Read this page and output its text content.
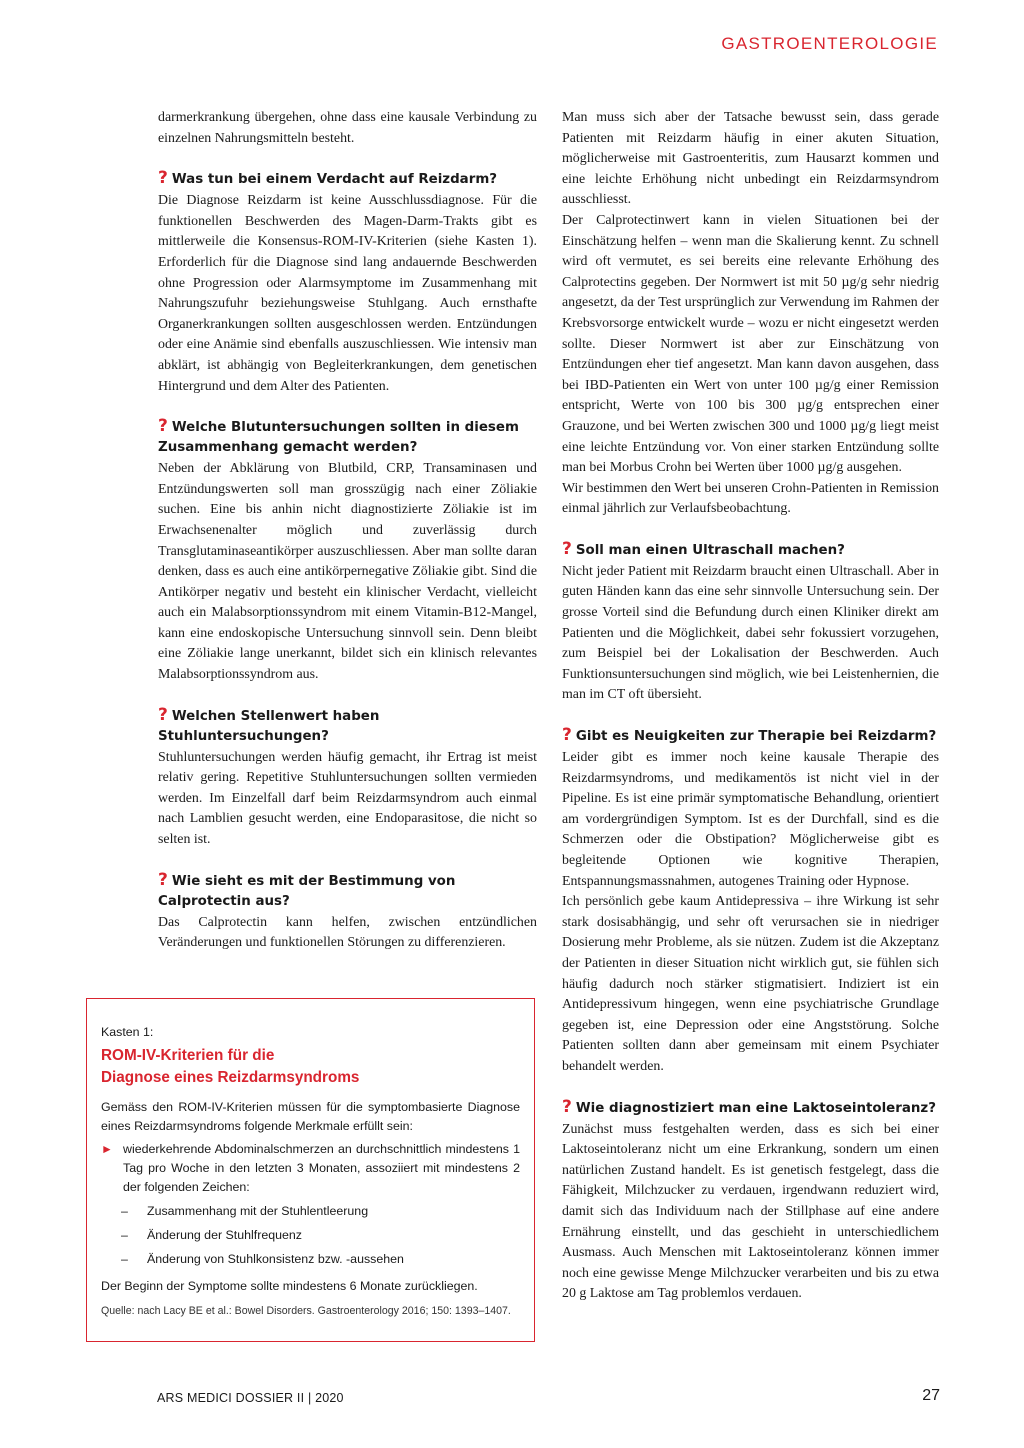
GASTROENTEROLOGIE

darmerkrankung übergehen, ohne dass eine kausale Verbindung zu einzelnen Nahrungsmitteln besteht.

? Was tun bei einem Verdacht auf Reizdarm?

Die Diagnose Reizdarm ist keine Ausschlussdiagnose. Für die funktionellen Beschwerden des Magen-Darm-Trakts gibt es mittlerweile die Konsensus-ROM-IV-Kriterien (siehe Kasten 1). Erforderlich für die Diagnose sind lang andauernde Beschwerden ohne Progression oder Alarmsymptome im Zusammenhang mit Nahrungszufuhr beziehungsweise Stuhlgang. Auch ernsthafte Organerkrankungen sollten ausgeschlossen werden. Entzündungen oder eine Anämie sind ebenfalls auszuschliessen. Wie intensiv man abklärt, ist abhängig von Begleiterkrankungen, dem genetischen Hintergrund und dem Alter des Patienten.

? Welche Blutuntersuchungen sollten in diesem Zusammenhang gemacht werden?

Neben der Abklärung von Blutbild, CRP, Transaminasen und Entzündungswerten soll man grosszügig nach einer Zöliakie suchen. Eine bis anhin nicht diagnostizierte Zöliakie ist im Erwachsenenalter möglich und zuverlässig durch Transglutaminaseantikörper auszuschliessen. Aber man sollte daran denken, dass es auch eine antikörpernegative Zöliakie gibt. Sind die Antikörper negativ und besteht ein klinischer Verdacht, vielleicht auch ein Malabsorptionssyndrom mit einem Vitamin-B12-Mangel, kann eine endoskopische Untersuchung sinnvoll sein. Denn bleibt eine Zöliakie lange unerkannt, bildet sich ein klinisch relevantes Malabsorptionssyndrom aus.

? Welchen Stellenwert haben Stuhluntersuchungen?

Stuhluntersuchungen werden häufig gemacht, ihr Ertrag ist meist relativ gering. Repetitive Stuhluntersuchungen sollten vermieden werden. Im Einzelfall darf beim Reizdarmsyndrom auch einmal nach Lamblien gesucht werden, eine Endoparasitose, die nicht so selten ist.

? Wie sieht es mit der Bestimmung von Calprotectin aus?

Das Calprotectin kann helfen, zwischen entzündlichen Veränderungen und funktionellen Störungen zu differenzieren.

Kasten 1:
ROM-IV-Kriterien für die
Diagnose eines Reizdarmsyndroms
Gemäss den ROM-IV-Kriterien müssen für die symptombasierte Diagnose eines Reizdarmsyndroms folgende Merkmale erfüllt sein:
► wiederkehrende Abdominalschmerzen an durchschnittlich mindestens 1 Tag pro Woche in den letzten 3 Monaten, assoziiert mit mindestens 2 der folgenden Zeichen:
–	Zusammenhang mit der Stuhlentleerung
–	Änderung der Stuhlfrequenz
–	Änderung von Stuhlkonsistenz bzw. -aussehen
Der Beginn der Symptome sollte mindestens 6 Monate zurückliegen.
Quelle: nach Lacy BE et al.: Bowel Disorders. Gastroenterology 2016; 150: 1393–1407.

Man muss sich aber der Tatsache bewusst sein, dass gerade Patienten mit Reizdarm häufig in einer akuten Situation, möglicherweise mit Gastroenteritis, zum Hausarzt kommen und eine leichte Erhöhung nicht unbedingt ein Reizdarmsyndrom ausschliesst.

Der Calprotectinwert kann in vielen Situationen bei der Einschätzung helfen – wenn man die Skalierung kennt. Zu schnell wird oft vermutet, es sei bereits eine relevante Erhöhung des Calprotectins gegeben. Der Normwert ist mit 50 µg/g sehr niedrig angesetzt, da der Test ursprünglich zur Verwendung im Rahmen der Krebsvorsorge entwickelt wurde – wozu er nicht eingesetzt werden sollte. Dieser Normwert ist aber zur Einschätzung von Entzündungen eher tief angesetzt. Man kann davon ausgehen, dass bei IBD-Patienten ein Wert von unter 100 µg/g einer Remission entspricht, Werte von 100 bis 300 µg/g entsprechen einer Grauzone, und bei Werten zwischen 300 und 1000 µg/g liegt meist eine leichte Entzündung vor. Von einer starken Entzündung sollte man bei Morbus Crohn bei Werten über 1000 µg/g ausgehen.

Wir bestimmen den Wert bei unseren Crohn-Patienten in Remission einmal jährlich zur Verlaufsbeobachtung.

? Soll man einen Ultraschall machen?

Nicht jeder Patient mit Reizdarm braucht einen Ultraschall. Aber in guten Händen kann das eine sehr sinnvolle Untersuchung sein. Der grosse Vorteil sind die Befundung durch einen Kliniker direkt am Patienten und die Möglichkeit, dabei sehr fokussiert vorzugehen, zum Beispiel bei der Lokalisation der Beschwerden. Auch Funktionsuntersuchungen sind möglich, wie bei Leistenhernien, die man im CT oft übersieht.

? Gibt es Neuigkeiten zur Therapie bei Reizdarm?

Leider gibt es immer noch keine kausale Therapie des Reizdarmsyndroms, und medikamentös ist nicht viel in der Pipeline. Es ist eine primär symptomatische Behandlung, orientiert am vordergründigen Symptom. Ist es der Durchfall, sind es die Schmerzen oder die Obstipation? Möglicherweise gibt es begleitende Optionen wie kognitive Therapien, Entspannungsmassnahmen, autogenes Training oder Hypnose.

Ich persönlich gebe kaum Antidepressiva – ihre Wirkung ist sehr stark dosisabhängig, und sehr oft verursachen sie in niedriger Dosierung mehr Probleme, als sie nützen. Zudem ist die Akzeptanz der Patienten in dieser Situation nicht wirklich gut, sie fühlen sich häufig dadurch noch stärker stigmatisiert. Indiziert ist ein Antidepressivum hingegen, wenn eine psychiatrische Grundlage gegeben ist, eine Depression oder eine Angststörung. Solche Patienten sollten dann aber gemeinsam mit einem Psychiater behandelt werden.

? Wie diagnostiziert man eine Laktoseintoleranz?

Zunächst muss festgehalten werden, dass es sich bei einer Laktoseintoleranz nicht um eine Erkrankung, sondern um einen natürlichen Zustand handelt. Es ist genetisch festgelegt, dass die Fähigkeit, Milchzucker zu verdauen, irgendwann reduziert wird, damit sich das Individuum nach der Stillphase auf eine andere Ernährung einstellt, und das geschieht in unterschiedlichem Ausmass. Auch Menschen mit Laktoseintoleranz können immer noch eine gewisse Menge Milchzucker verarbeiten und bis zu etwa 20 g Laktose am Tag problemlos verdauen.

ARS MEDICI DOSSIER II | 2020	27
